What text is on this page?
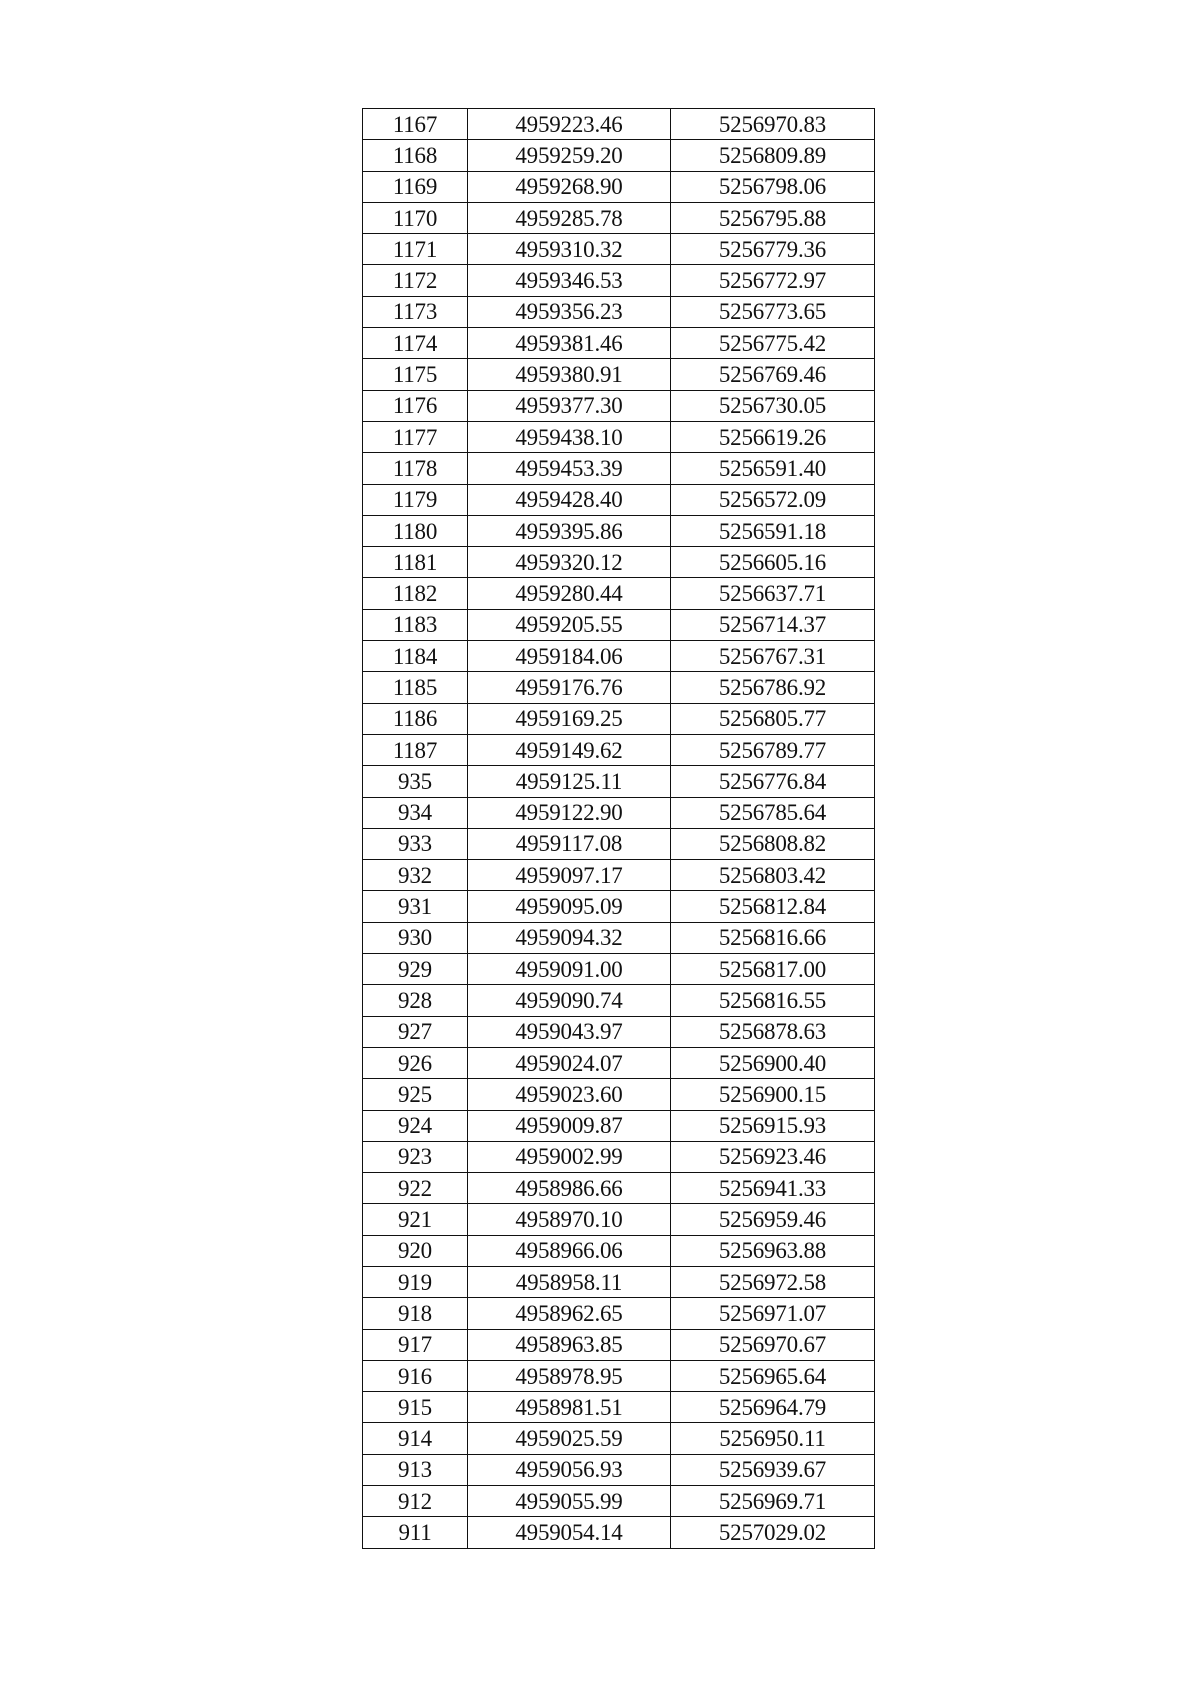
1167	4959223.46	5256970.83
1168	4959259.20	5256809.89
1169	4959268.90	5256798.06
1170	4959285.78	5256795.88
1171	4959310.32	5256779.36
1172	4959346.53	5256772.97
1173	4959356.23	5256773.65
1174	4959381.46	5256775.42
1175	4959380.91	5256769.46
1176	4959377.30	5256730.05
1177	4959438.10	5256619.26
1178	4959453.39	5256591.40
1179	4959428.40	5256572.09
1180	4959395.86	5256591.18
1181	4959320.12	5256605.16
1182	4959280.44	5256637.71
1183	4959205.55	5256714.37
1184	4959184.06	5256767.31
1185	4959176.76	5256786.92
1186	4959169.25	5256805.77
1187	4959149.62	5256789.77
935	4959125.11	5256776.84
934	4959122.90	5256785.64
933	4959117.08	5256808.82
932	4959097.17	5256803.42
931	4959095.09	5256812.84
930	4959094.32	5256816.66
929	4959091.00	5256817.00
928	4959090.74	5256816.55
927	4959043.97	5256878.63
926	4959024.07	5256900.40
925	4959023.60	5256900.15
924	4959009.87	5256915.93
923	4959002.99	5256923.46
922	4958986.66	5256941.33
921	4958970.10	5256959.46
920	4958966.06	5256963.88
919	4958958.11	5256972.58
918	4958962.65	5256971.07
917	4958963.85	5256970.67
916	4958978.95	5256965.64
915	4958981.51	5256964.79
914	4959025.59	5256950.11
913	4959056.93	5256939.67
912	4959055.99	5256969.71
911	4959054.14	5257029.02
